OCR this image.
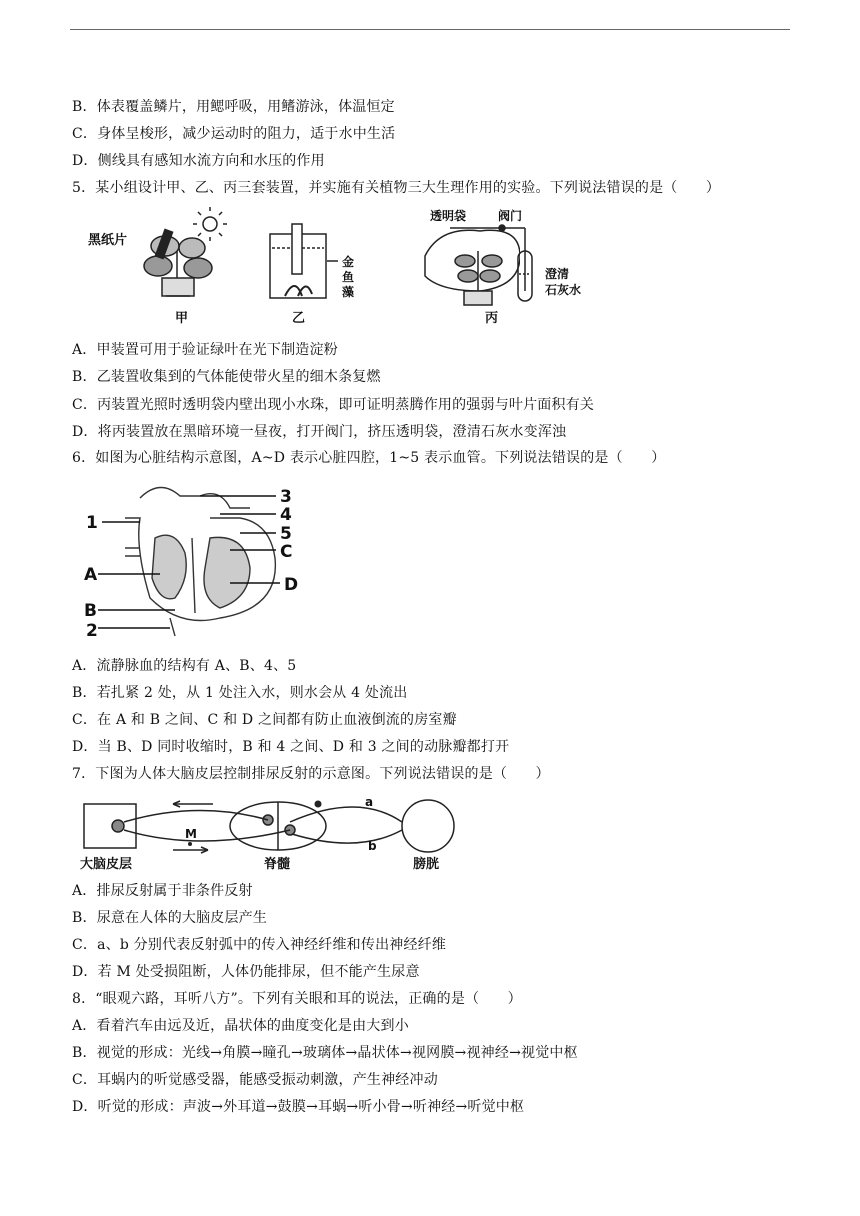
B．体表覆盖鳞片，用鳃呼吸，用鳍游泳，体温恒定
C．身体呈梭形，减少运动时的阻力，适于水中生活
D．侧线具有感知水流方向和水压的作用
5．某小组设计甲、乙、丙三套装置，并实施有关植物三大生理作用的实验。下列说法错误的是（　　）
黑纸片
金
鱼
藻
甲	乙	丙
透明袋	阀门
澄清
石灰水
A．甲装置可用于验证绿叶在光下制造淀粉
B．乙装置收集到的气体能使带火星的细木条复燃
C．丙装置光照时透明袋内壁出现小水珠，即可证明蒸腾作用的强弱与叶片面积有关
D．将丙装置放在黑暗环境一昼夜，打开阀门，挤压透明袋，澄清石灰水变浑浊
6．如图为心脏结构示意图，A~D 表示心脏四腔，1~5 表示血管。下列说法错误的是（　　）
1
2
3
4
5
A
B
C
D
A．流静脉血的结构有 A、B、4、5
B．若扎紧 2 处，从 1 处注入水，则水会从 4 处流出
C．在 A 和 B 之间、C 和 D 之间都有防止血液倒流的房室瓣
D．当 B、D 同时收缩时，B 和 4 之间、D 和 3 之间的动脉瓣都打开
7．下图为人体大脑皮层控制排尿反射的示意图。下列说法错误的是（　　）
M
a
b
大脑皮层	脊髓	膀胱
A．排尿反射属于非条件反射
B．尿意在人体的大脑皮层产生
C．a、b 分别代表反射弧中的传入神经纤维和传出神经纤维
D．若 M 处受损阻断，人体仍能排尿，但不能产生尿意
8．“眼观六路，耳听八方”。下列有关眼和耳的说法，正确的是（　　）
A．看着汽车由远及近，晶状体的曲度变化是由大到小
B．视觉的形成：光线→角膜→瞳孔→玻璃体→晶状体→视网膜→视神经→视觉中枢
C．耳蜗内的听觉感受器，能感受振动刺激，产生神经冲动
D．听觉的形成：声波→外耳道→鼓膜→耳蜗→听小骨→听神经→听觉中枢
